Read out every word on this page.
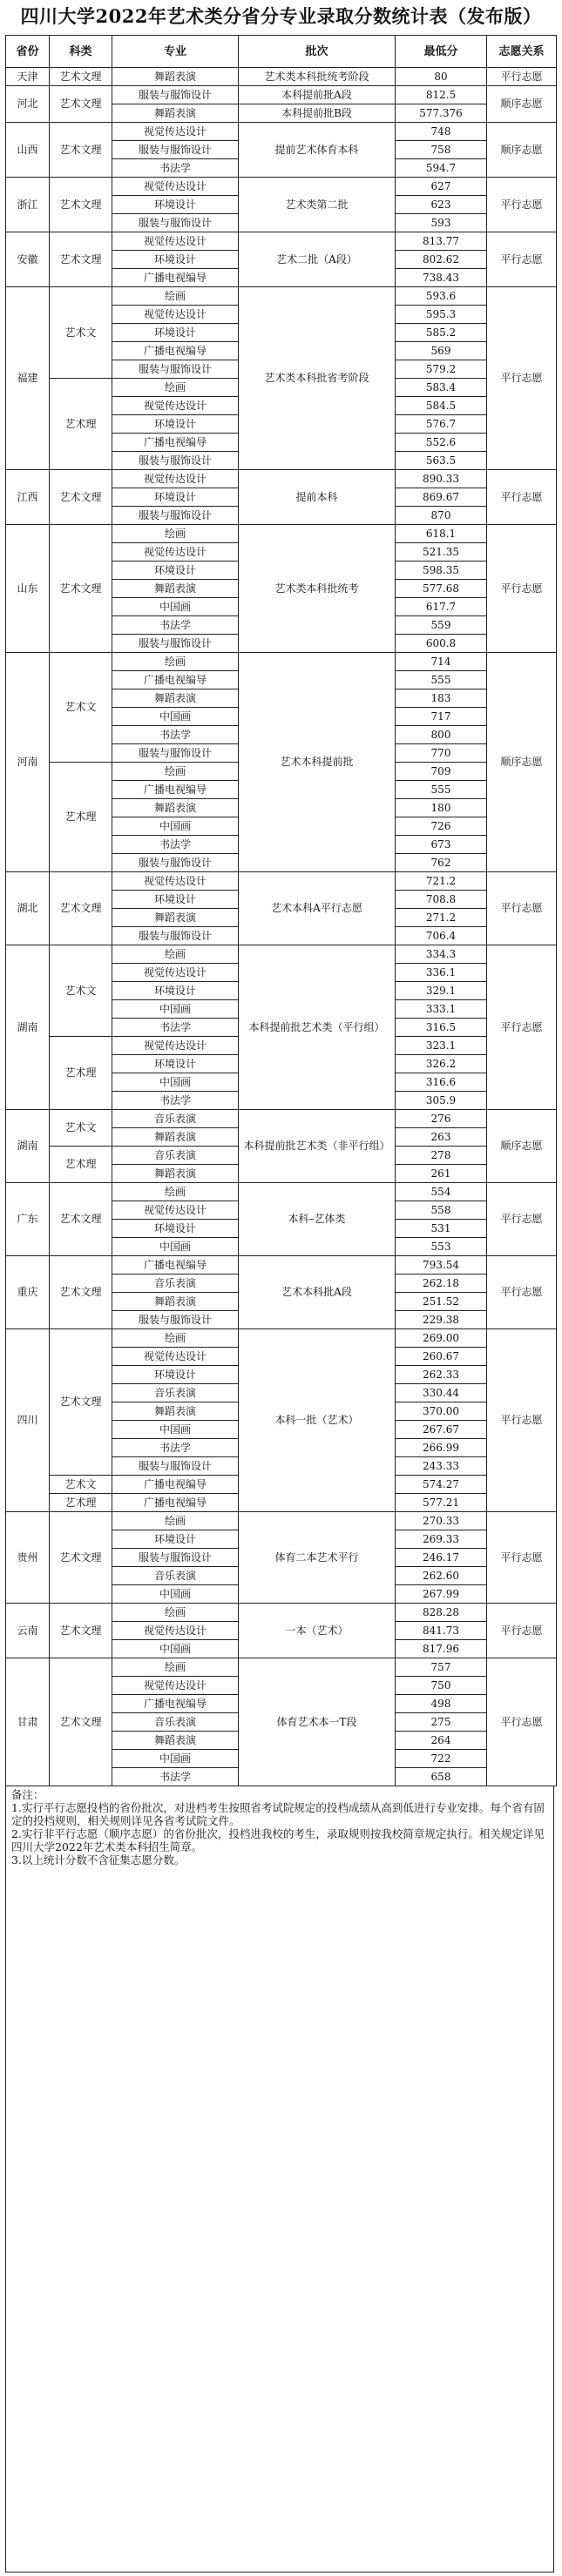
四川大学2022年艺术类分省分专业录取分数统计表（发布版）
省份	科类	专业	批次	最低分	志愿关系
天津	艺术文理	舞蹈表演	艺术类本科批统考阶段	80	平行志愿
河北	艺术文理	服装与服饰设计	本科提前批A段	812.5	顺序志愿
		舞蹈表演	本科提前批B段	577.376	
山西	艺术文理	视觉传达设计	提前艺术体育本科	748	顺序志愿
		服装与服饰设计		758	
		书法学		594.7	
浙江	艺术文理	视觉传达设计	艺术类第二批	627	平行志愿
		环境设计		623	
		服装与服饰设计		593	
安徽	艺术文理	视觉传达设计	艺术二批（A段）	813.77	平行志愿
		环境设计		802.62	
		广播电视编导		738.43	
福建	艺术文	绘画	艺术类本科批省考阶段	593.6	平行志愿
		视觉传达设计		595.3	
		环境设计		585.2	
		广播电视编导		569	
		服装与服饰设计		579.2	
	艺术理	绘画		583.4	
		视觉传达设计		584.5	
		环境设计		576.7	
		广播电视编导		552.6	
		服装与服饰设计		563.5	
江西	艺术文理	视觉传达设计	提前本科	890.33	平行志愿
		环境设计		869.67	
		服装与服饰设计		870	
山东	艺术文理	绘画	艺术类本科批统考	618.1	平行志愿
		视觉传达设计		521.35	
		环境设计		598.35	
		舞蹈表演		577.68	
		中国画		617.7	
		书法学		559	
		服装与服饰设计		600.8	
河南	艺术文	绘画	艺术本科提前批	714	顺序志愿
		广播电视编导		555	
		舞蹈表演		183	
		中国画		717	
		书法学		800	
		服装与服饰设计		770	
	艺术理	绘画		709	
		广播电视编导		555	
		舞蹈表演		180	
		中国画		726	
		书法学		673	
		服装与服饰设计		762	
湖北	艺术文理	视觉传达设计	艺术本科A平行志愿	721.2	平行志愿
		环境设计		708.8	
		舞蹈表演		271.2	
		服装与服饰设计		706.4	
湖南	艺术文	绘画	本科提前批艺术类（平行组）	334.3	平行志愿
		视觉传达设计		336.1	
		环境设计		329.1	
		中国画		333.1	
		书法学		316.5	
	艺术理	视觉传达设计		323.1	
		环境设计		326.2	
		中国画		316.6	
		书法学		305.9	
湖南	艺术文	音乐表演	本科提前批艺术类（非平行组）	276	顺序志愿
		舞蹈表演		263	
	艺术理	音乐表演		278	
		舞蹈表演		261	
广东	艺术文理	绘画	本科–艺体类	554	平行志愿
		视觉传达设计		558	
		环境设计		531	
		中国画		553	
重庆	艺术文理	广播电视编导	艺术本科批A段	793.54	平行志愿
		音乐表演		262.18	
		舞蹈表演		251.52	
		服装与服饰设计		229.38	
四川	艺术文理	绘画	本科一批（艺术）	269.00	平行志愿
		视觉传达设计		260.67	
		环境设计		262.33	
		音乐表演		330.44	
		舞蹈表演		370.00	
		中国画		267.67	
		书法学		266.99	
		服装与服饰设计		243.33	
	艺术文	广播电视编导		574.27	
	艺术理	广播电视编导		577.21	
贵州	艺术文理	绘画	体育二本艺术平行	270.33	平行志愿
		环境设计		269.33	
		服装与服饰设计		246.17	
		音乐表演		262.60	
		中国画		267.99	
云南	艺术文理	绘画	一本（艺术）	828.28	平行志愿
		视觉传达设计		841.73	
		中国画		817.96	
甘肃	艺术文理	绘画	体育艺术本一T段	757	平行志愿
		视觉传达设计		750	
		广播电视编导		498	
		音乐表演		275	
		舞蹈表演		264	
		中国画		722	
		书法学		658	
备注：
1.实行平行志愿投档的省份批次，对进档考生按照省考试院规定的投档成绩从高到低进行专业安排。每个省有固定的投档规则，相关规则详见各省考试院文件。
2.实行非平行志愿（顺序志愿）的省份批次，投档进我校的考生，录取规则按我校简章规定执行。相关规定详见四川大学2022年艺术类本科招生简章。
3.以上统计分数不含征集志愿分数。
